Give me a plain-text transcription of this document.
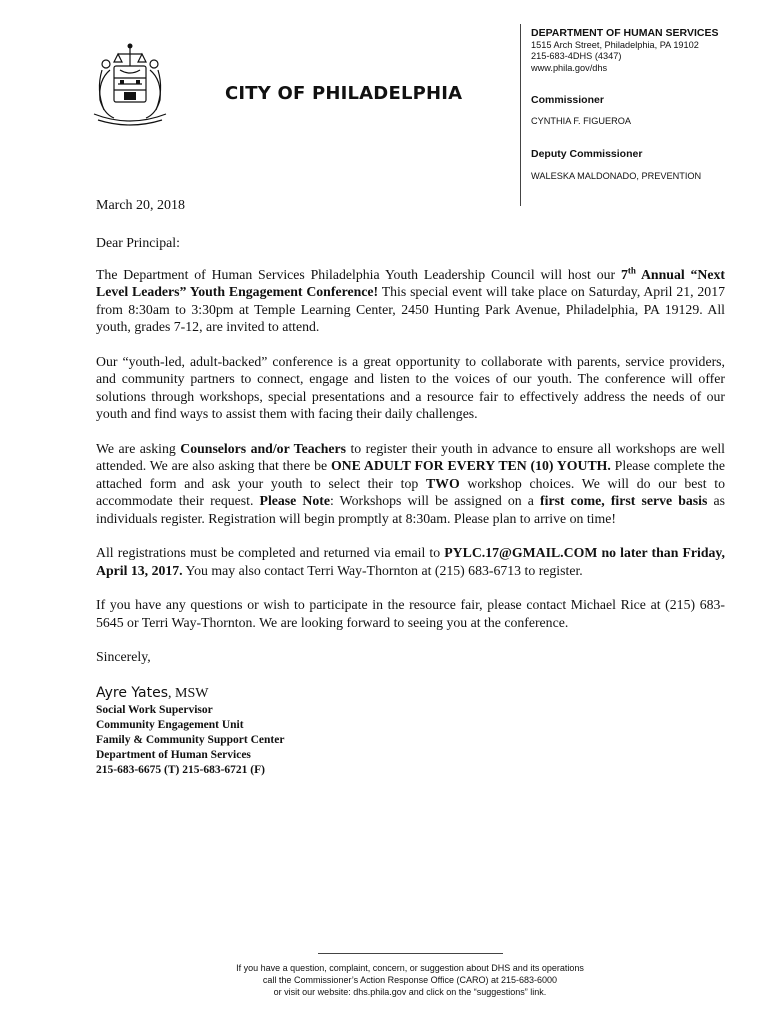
CITY OF PHILADELPHIA
DEPARTMENT OF HUMAN SERVICES
1515 Arch Street, Philadelphia, PA 19102
215-683-4DHS (4347)
www.phila.gov/dhs
Commissioner
CYNTHIA F. FIGUEROA
Deputy Commissioner
WALESKA MALDONADO, PREVENTION
March 20, 2018

Dear Principal:

The Department of Human Services Philadelphia Youth Leadership Council will host our 7th Annual “Next Level Leaders” Youth Engagement Conference! This special event will take place on Saturday, April 21, 2017 from 8:30am to 3:30pm at Temple Learning Center, 2450 Hunting Park Avenue, Philadelphia, PA 19129. All youth, grades 7-12, are invited to attend.

Our “youth-led, adult-backed” conference is a great opportunity to collaborate with parents, service providers, and community partners to connect, engage and listen to the voices of our youth. The conference will offer solutions through workshops, special presentations and a resource fair to effectively address the needs of our youth and find ways to assist them with facing their daily challenges.

We are asking Counselors and/or Teachers to register their youth in advance to ensure all workshops are well attended. We are also asking that there be ONE ADULT FOR EVERY TEN (10) YOUTH. Please complete the attached form and ask your youth to select their top TWO workshop choices. We will do our best to accommodate their request. Please Note: Workshops will be assigned on a first come, first serve basis as individuals register. Registration will begin promptly at 8:30am. Please plan to arrive on time!

All registrations must be completed and returned via email to PYLC.17@GMAIL.COM no later than Friday, April 13, 2017. You may also contact Terri Way-Thornton at (215) 683-6713 to register.

If you have any questions or wish to participate in the resource fair, please contact Michael Rice at (215) 683-5645 or Terri Way-Thornton. We are looking forward to seeing you at the conference.

Sincerely,

Ayre Yates, MSW
Social Work Supervisor
Community Engagement Unit
Family & Community Support Center
Department of Human Services
215-683-6675 (T) 215-683-6721 (F)
If you have a question, complaint, concern, or suggestion about DHS and its operations
call the Commissioner’s Action Response Office (CARO) at 215-683-6000
or visit our website: dhs.phila.gov and click on the “suggestions” link.
